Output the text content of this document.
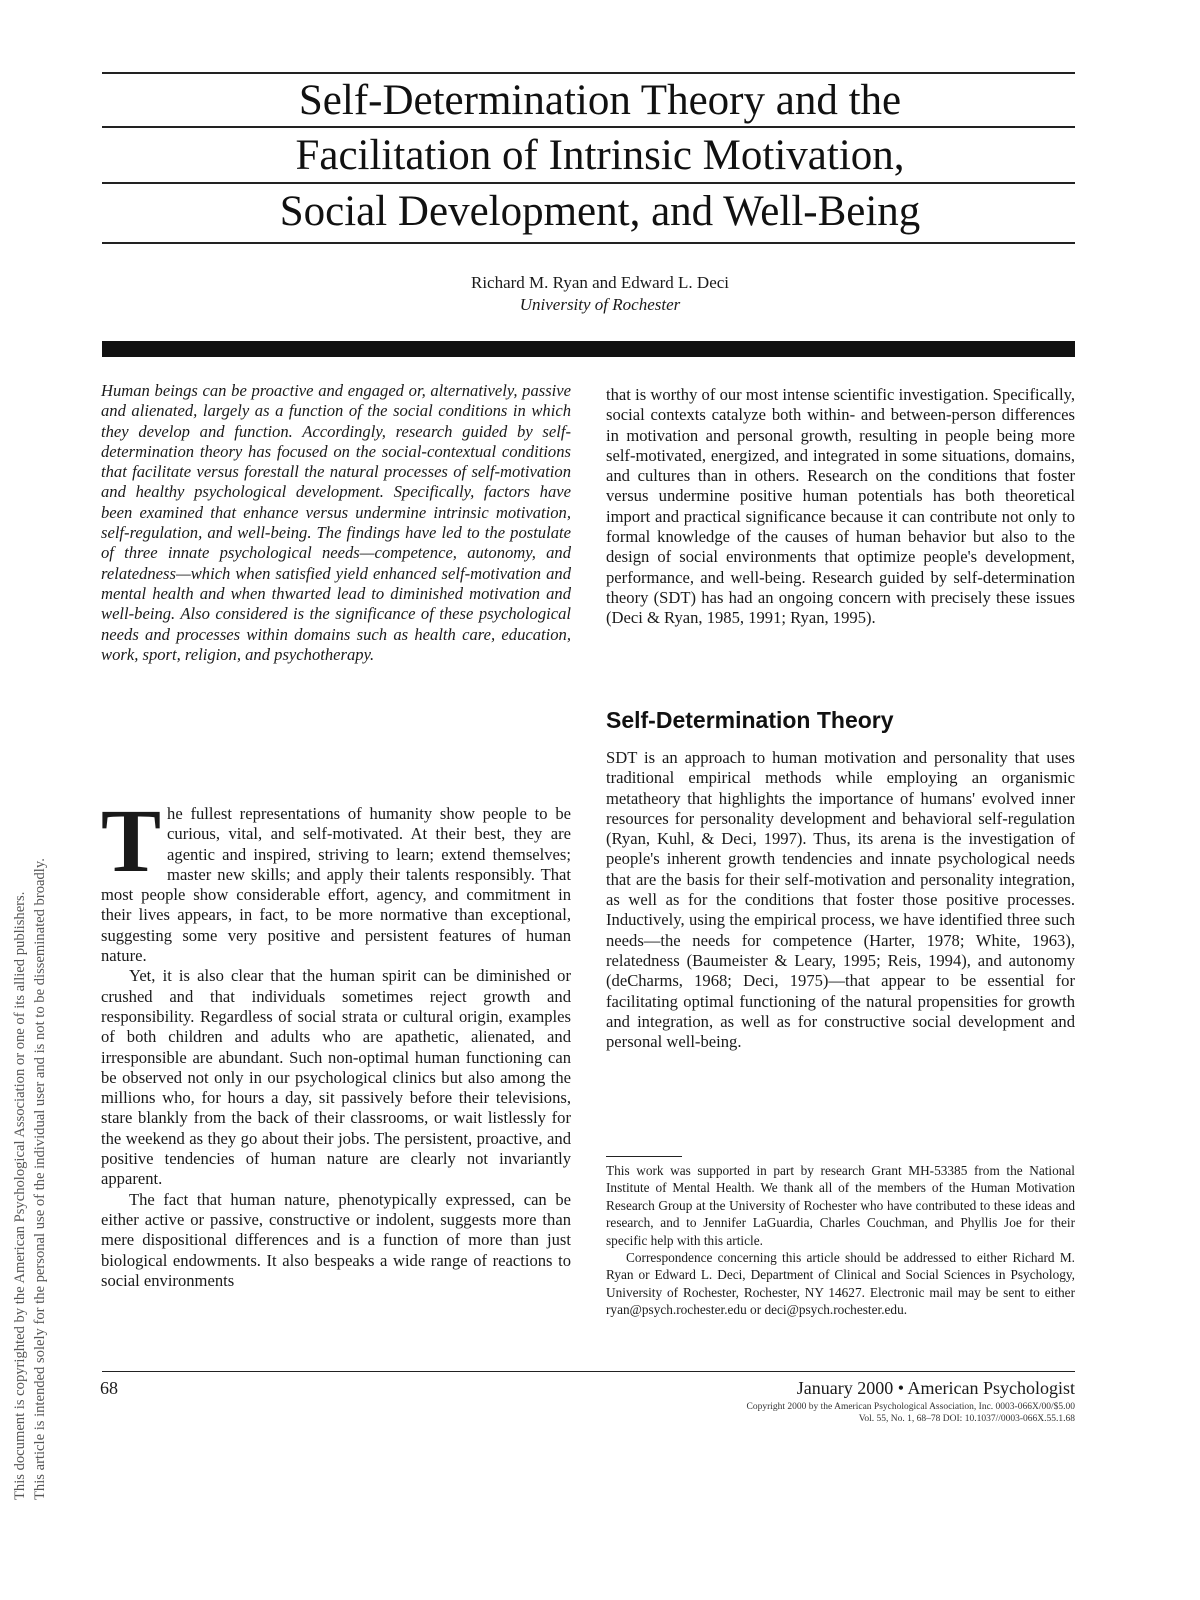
Self-Determination Theory and the
Facilitation of Intrinsic Motivation,
Social Development, and Well-Being
Richard M. Ryan and Edward L. Deci
University of Rochester

Human beings can be proactive and engaged or, alternatively, passive and alienated, largely as a function of the social conditions in which they develop and function. Accordingly, research guided by self-determination theory has focused on the social-contextual conditions that facilitate versus forestall the natural processes of self-motivation and healthy psychological development. Specifically, factors have been examined that enhance versus undermine intrinsic motivation, self-regulation, and well-being. The findings have led to the postulate of three innate psychological needs—competence, autonomy, and relatedness—which when satisfied yield enhanced self-motivation and mental health and when thwarted lead to diminished motivation and well-being. Also considered is the significance of these psychological needs and processes within domains such as health care, education, work, sport, religion, and psychotherapy.

The fullest representations of humanity show people to be curious, vital, and self-motivated. At their best, they are agentic and inspired, striving to learn; extend themselves; master new skills; and apply their talents responsibly. That most people show considerable effort, agency, and commitment in their lives appears, in fact, to be more normative than exceptional, suggesting some very positive and persistent features of human nature.

Yet, it is also clear that the human spirit can be diminished or crushed and that individuals sometimes reject growth and responsibility. Regardless of social strata or cultural origin, examples of both children and adults who are apathetic, alienated, and irresponsible are abundant. Such non-optimal human functioning can be observed not only in our psychological clinics but also among the millions who, for hours a day, sit passively before their televisions, stare blankly from the back of their classrooms, or wait listlessly for the weekend as they go about their jobs. The persistent, proactive, and positive tendencies of human nature are clearly not invariantly apparent.

The fact that human nature, phenotypically expressed, can be either active or passive, constructive or indolent, suggests more than mere dispositional differences and is a function of more than just biological endowments. It also bespeaks a wide range of reactions to social environments

that is worthy of our most intense scientific investigation. Specifically, social contexts catalyze both within- and between-person differences in motivation and personal growth, resulting in people being more self-motivated, energized, and integrated in some situations, domains, and cultures than in others. Research on the conditions that foster versus undermine positive human potentials has both theoretical import and practical significance because it can contribute not only to formal knowledge of the causes of human behavior but also to the design of social environments that optimize people's development, performance, and well-being. Research guided by self-determination theory (SDT) has had an ongoing concern with precisely these issues (Deci & Ryan, 1985, 1991; Ryan, 1995).

Self-Determination Theory

SDT is an approach to human motivation and personality that uses traditional empirical methods while employing an organismic metatheory that highlights the importance of humans' evolved inner resources for personality development and behavioral self-regulation (Ryan, Kuhl, & Deci, 1997). Thus, its arena is the investigation of people's inherent growth tendencies and innate psychological needs that are the basis for their self-motivation and personality integration, as well as for the conditions that foster those positive processes. Inductively, using the empirical process, we have identified three such needs—the needs for competence (Harter, 1978; White, 1963), relatedness (Baumeister & Leary, 1995; Reis, 1994), and autonomy (deCharms, 1968; Deci, 1975)—that appear to be essential for facilitating optimal functioning of the natural propensities for growth and integration, as well as for constructive social development and personal well-being.

This work was supported in part by research Grant MH-53385 from the National Institute of Mental Health. We thank all of the members of the Human Motivation Research Group at the University of Rochester who have contributed to these ideas and research, and to Jennifer LaGuardia, Charles Couchman, and Phyllis Joe for their specific help with this article.

Correspondence concerning this article should be addressed to either Richard M. Ryan or Edward L. Deci, Department of Clinical and Social Sciences in Psychology, University of Rochester, Rochester, NY 14627. Electronic mail may be sent to either ryan@psych.rochester.edu or deci@psych.rochester.edu.

68	January 2000 • American Psychologist
Copyright 2000 by the American Psychological Association, Inc. 0003-066X/00/$5.00
Vol. 55, No. 1, 68–78 DOI: 10.1037//0003-066X.55.1.68
This document is copyrighted by the American Psychological Association or one of its allied publishers. This article is intended solely for the personal use of the individual user and is not to be disseminated broadly.
